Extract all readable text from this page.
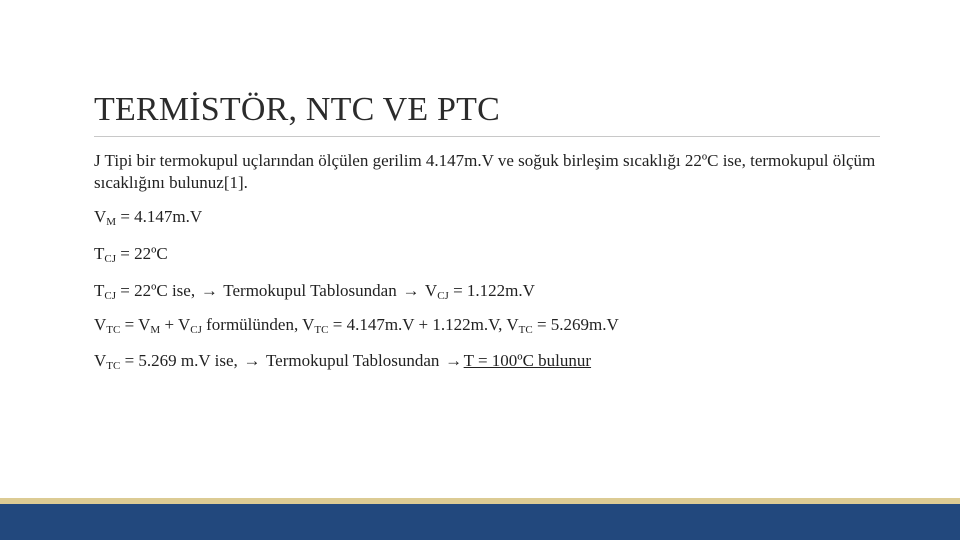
TERMİSTÖR, NTC VE PTC
J Tipi bir termokupul uçlarından ölçülen gerilim 4.147m.V ve soğuk birleşim sıcaklığı 22ºC ise, termokupul ölçüm sıcaklığını bulunuz[1].
$V_M = 4.147m.V$
$T_{CJ}$ = 22ºC
$T_{CJ}$ = 22ºC ise, → Termokupul Tablosundan → $V_{CJ} = 1.122m.V$
$V_{TC} = V_M + V_{CJ}$ formülünden, $V_{TC} = 4.147m.V + 1.122m.V$, $V_{TC} = 5.269m.V$
$V_{TC} = 5.269$ m.V ise, → Termokupul Tablosundan →T = 100ºC bulunur
